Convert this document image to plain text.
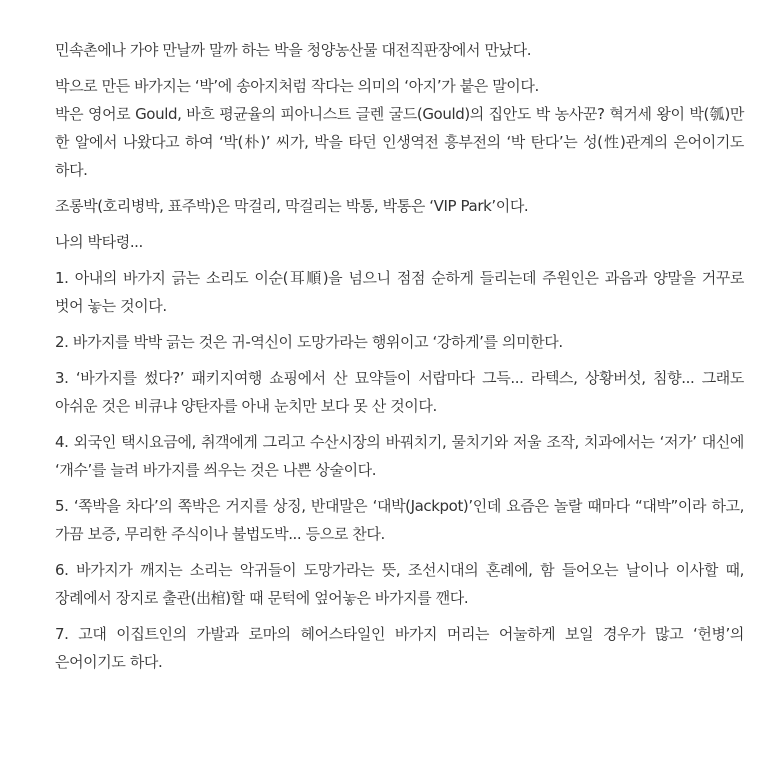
민속촌에나 가야 만날까 말까 하는 박을 청양농산물 대전직판장에서 만났다.

박으로 만든 바가지는 ‘박’에 송아지처럼 작다는 의미의 ‘아지’가 붙은 말이다.
박은 영어로 Gould, 바흐 평균율의 피아니스트 글렌 굴드(Gould)의 집안도 박 농사꾼? 혁거세 왕이 박(瓠)만 한 알에서 나왔다고 하여 ‘박(朴)’ 씨가, 박을 타던 인생역전 흥부전의 ‘박 탄다’는 성(性)관계의 은어이기도 하다.

조롱박(호리병박, 표주박)은 막걸리, 막걸리는 박통, 박통은 ‘VIP Park’이다.

나의 박타령...

1. 아내의 바가지 긁는 소리도 이순(耳順)을 넘으니 점점 순하게 들리는데 주원인은 과음과 양말을 거꾸로 벗어 놓는 것이다.

2. 바가지를 박박 긁는 것은 귀-역신이 도망가라는 행위이고 ‘강하게’를 의미한다.

3. ‘바가지를 썼다?’ 패키지여행 쇼핑에서 산 묘약들이 서랍마다 그득... 라텍스, 상황버섯, 침향... 그래도 아쉬운 것은 비큐냐 양탄자를 아내 눈치만 보다 못 산 것이다.

4. 외국인 택시요금에, 취객에게 그리고 수산시장의 바꿔치기, 물치기와 저울 조작, 치과에서는 ‘저가’ 대신에 ‘개수’를 늘려 바가지를 씌우는 것은 나쁜 상술이다.

5. ‘쪽박을 차다’의 쪽박은 거지를 상징, 반대말은 ‘대박(Jackpot)’인데 요즘은 놀랄 때마다 “대박”이라 하고, 가끔 보증, 무리한 주식이나 불법도박... 등으로 찬다.

6. 바가지가 깨지는 소리는 악귀들이 도망가라는 뜻, 조선시대의 혼례에, 함 들어오는 날이나 이사할 때, 장례에서 장지로 출관(出棺)할 때 문턱에 엎어놓은 바가지를 깬다.

7. 고대 이집트인의 가발과 로마의 헤어스타일인 바가지 머리는 어눌하게 보일 경우가 많고 ‘헌병’의 은어이기도 하다.
